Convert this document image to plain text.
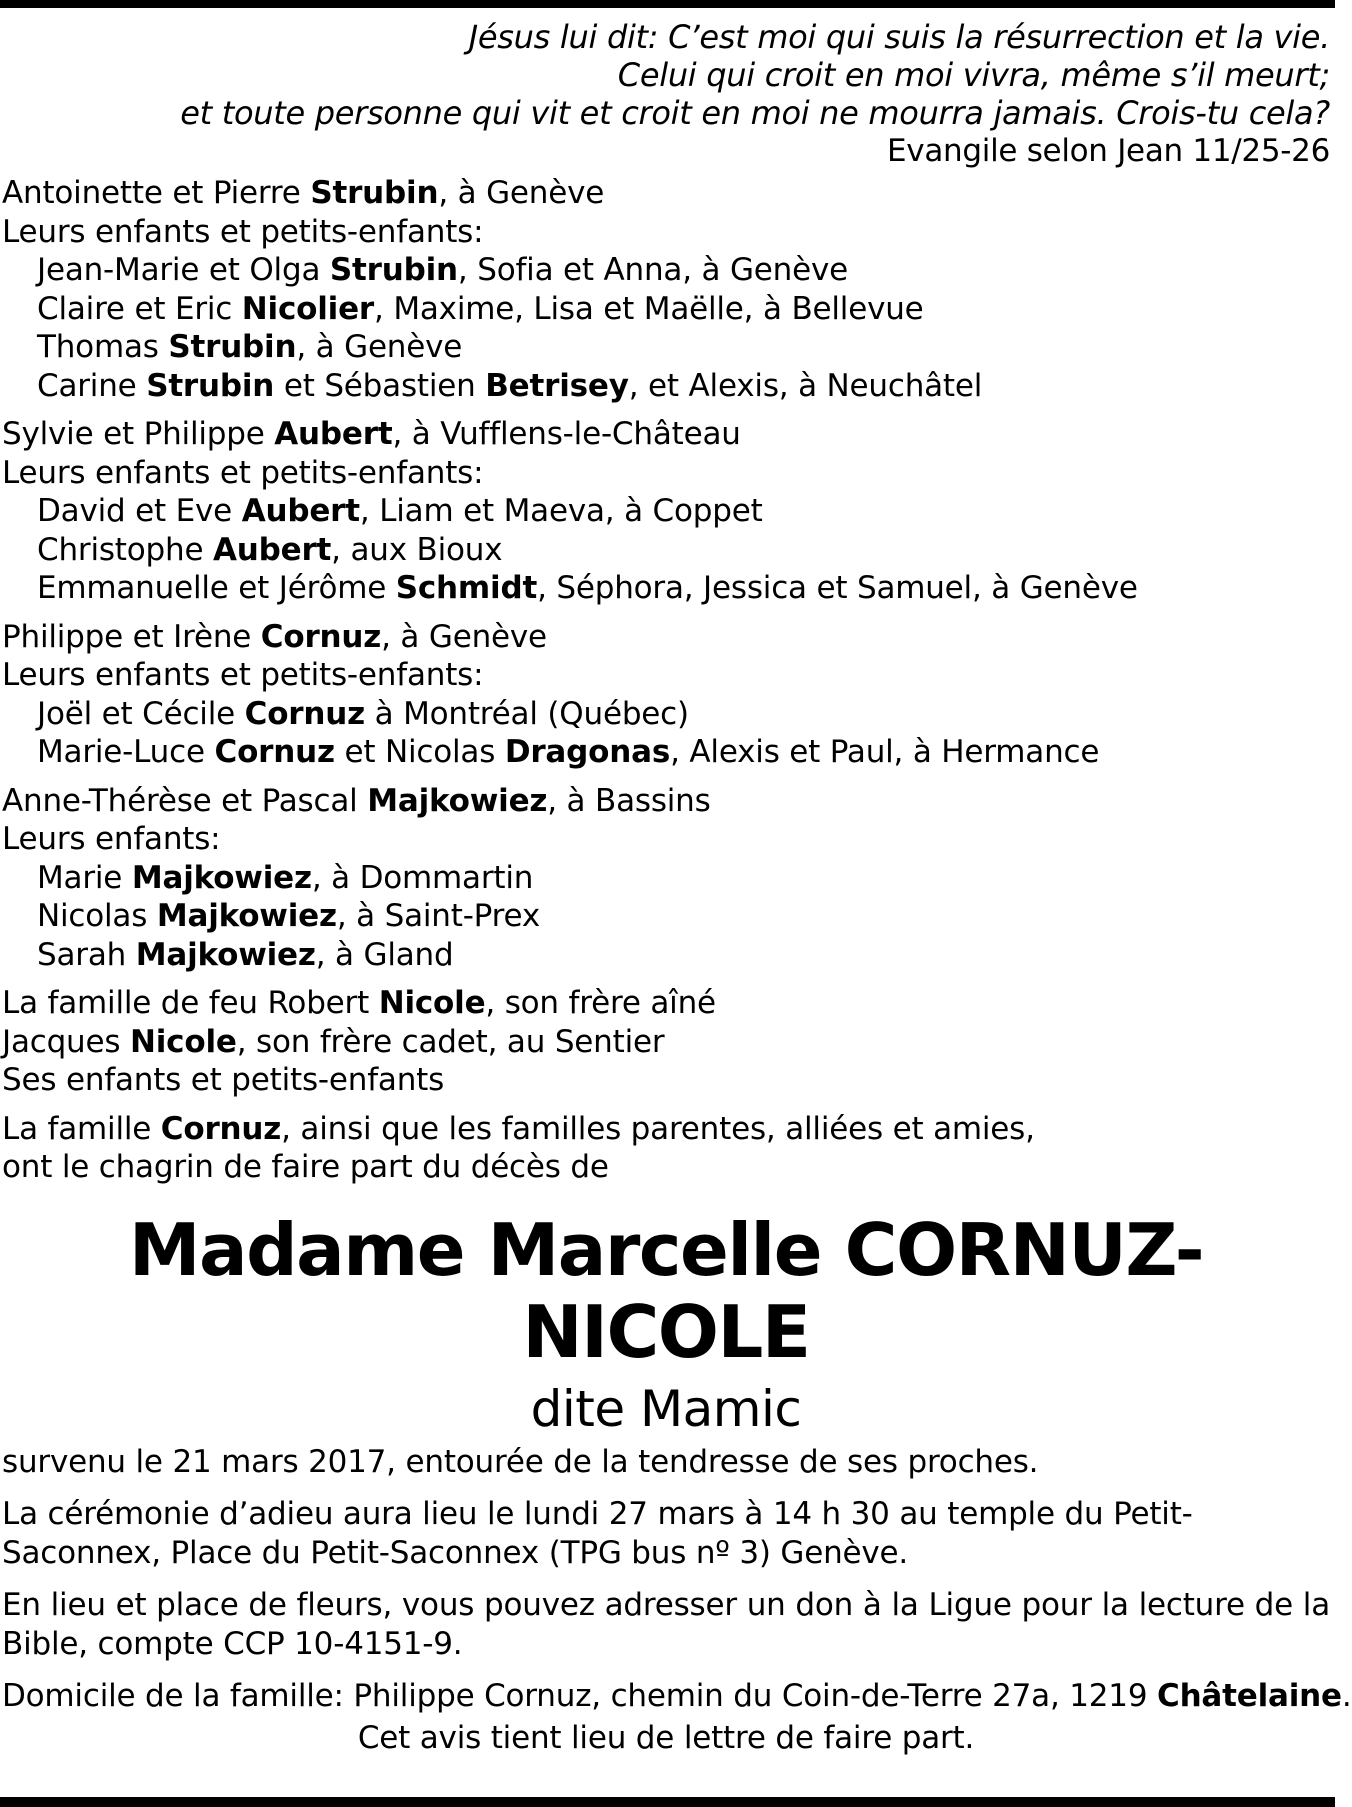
Jésus lui dit: C’est moi qui suis la résurrection et la vie.
Celui qui croit en moi vivra, même s’il meurt;
et toute personne qui vit et croit en moi ne mourra jamais. Crois-tu cela?
Evangile selon Jean 11/25-26
Antoinette et Pierre Strubin, à Genève
Leurs enfants et petits-enfants:
Jean-Marie et Olga Strubin, Sofia et Anna, à Genève
Claire et Eric Nicolier, Maxime, Lisa et Maëlle, à Bellevue
Thomas Strubin, à Genève
Carine Strubin et Sébastien Betrisey, et Alexis, à Neuchâtel
Sylvie et Philippe Aubert, à Vufflens-le-Château
Leurs enfants et petits-enfants:
David et Eve Aubert, Liam et Maeva, à Coppet
Christophe Aubert, aux Bioux
Emmanuelle et Jérôme Schmidt, Séphora, Jessica et Samuel, à Genève
Philippe et Irène Cornuz, à Genève
Leurs enfants et petits-enfants:
Joël et Cécile Cornuz à Montréal (Québec)
Marie-Luce Cornuz et Nicolas Dragonas, Alexis et Paul, à Hermance
Anne-Thérèse et Pascal Majkowiez, à Bassins
Leurs enfants:
Marie Majkowiez, à Dommartin
Nicolas Majkowiez, à Saint-Prex
Sarah Majkowiez, à Gland
La famille de feu Robert Nicole, son frère aîné
Jacques Nicole, son frère cadet, au Sentier
Ses enfants et petits-enfants
La famille Cornuz, ainsi que les familles parentes, alliées et amies,
ont le chagrin de faire part du décès de
Madame Marcelle CORNUZ-NICOLE
dite Mamic
survenu le 21 mars 2017, entourée de la tendresse de ses proches.
La cérémonie d’adieu aura lieu le lundi 27 mars à 14 h 30 au temple du Petit-Saconnex, Place du Petit-Saconnex (TPG bus nº 3) Genève.
En lieu et place de fleurs, vous pouvez adresser un don à la Ligue pour la lecture de la Bible, compte CCP 10-4151-9.
Domicile de la famille: Philippe Cornuz, chemin du Coin-de-Terre 27a, 1219 Châtelaine.
Cet avis tient lieu de lettre de faire part.
